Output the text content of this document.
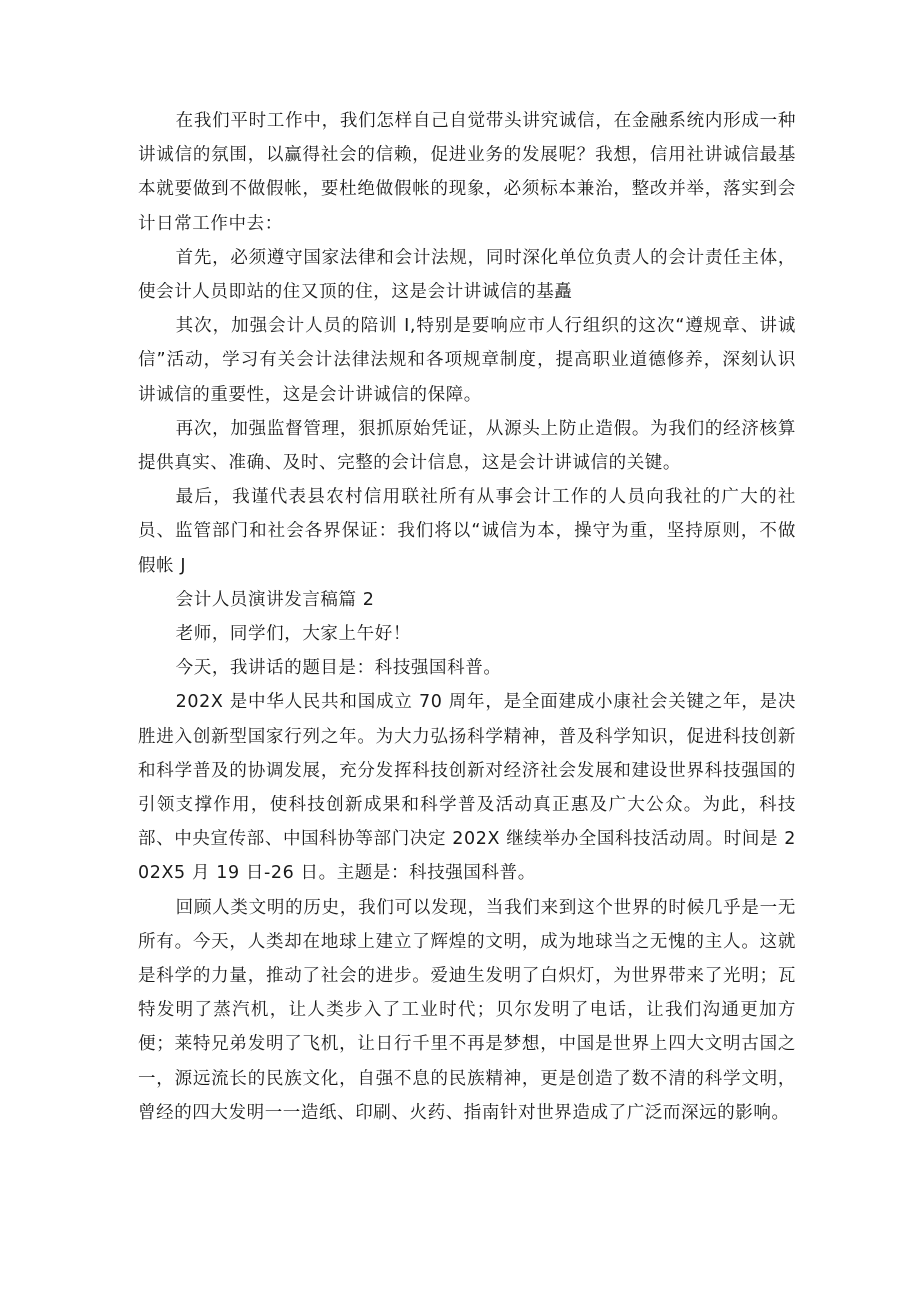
在我们平时工作中，我们怎样自己自觉带头讲究诚信，在金融系统内形成一种讲诚信的氛围，以赢得社会的信赖，促进业务的发展呢？我想，信用社讲诚信最基本就要做到不做假帐，要杜绝做假帐的现象，必须标本兼治，整改并举，落实到会计日常工作中去：

首先，必须遵守国家法律和会计法规，同时深化单位负责人的会计责任主体，使会计人员即站的住又顶的住，这是会计讲诚信的基矗

其次，加强会计人员的陪训 I,特别是要响应市人行组织的这次“遵规章、讲诚信”活动，学习有关会计法律法规和各项规章制度，提高职业道德修养，深刻认识讲诚信的重要性，这是会计讲诚信的保障。

再次，加强监督管理，狠抓原始凭证，从源头上防止造假。为我们的经济核算提供真实、准确、及时、完整的会计信息，这是会计讲诚信的关键。

最后，我谨代表县农村信用联社所有从事会计工作的人员向我社的广大的社员、监管部门和社会各界保证：我们将以“诚信为本，操守为重，坚持原则，不做假帐 J

会计人员演讲发言稿篇 2

老师，同学们，大家上午好！

今天，我讲话的题目是：科技强国科普。

202X 是中华人民共和国成立 70 周年，是全面建成小康社会关键之年，是决胜进入创新型国家行列之年。为大力弘扬科学精神，普及科学知识，促进科技创新和科学普及的协调发展，充分发挥科技创新对经济社会发展和建设世界科技强国的引领支撑作用，使科技创新成果和科学普及活动真正惠及广大公众。为此，科技部、中央宣传部、中国科协等部门决定 202X 继续举办全国科技活动周。时间是 202X5 月 19 日-26 日。主题是：科技强国科普。

回顾人类文明的历史，我们可以发现，当我们来到这个世界的时候几乎是一无所有。今天，人类却在地球上建立了辉煌的文明，成为地球当之无愧的主人。这就是科学的力量，推动了社会的进步。爱迪生发明了白炽灯，为世界带来了光明；瓦特发明了蒸汽机，让人类步入了工业时代；贝尔发明了电话，让我们沟通更加方便；莱特兄弟发明了飞机，让日行千里不再是梦想，中国是世界上四大文明古国之一，源远流长的民族文化，自强不息的民族精神，更是创造了数不清的科学文明，曾经的四大发明一一造纸、印刷、火药、指南针对世界造成了广泛而深远的影响。
